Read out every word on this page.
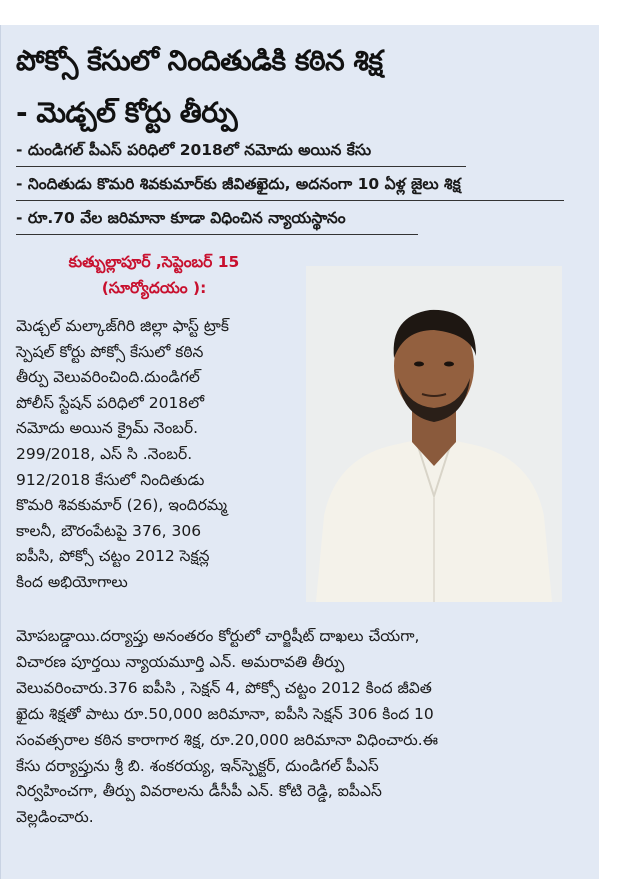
పోక్సో కేసులో నిందితుడికి కఠిన శిక్ష
- మెడ్చల్ కోర్టు తీర్పు
- దుండిగల్ పీఎస్ పరిధిలో 2018లో నమోదు అయిన కేసు
- నిందితుడు కొమరి శివకుమార్‌కు జీవితఖైదు, అదనంగా 10 ఏళ్ల జైలు శిక్ష
- రూ.70 వేల జరిమానా కూడా విధించిన న్యాయస్థానం
కుత్బుల్లాపూర్ ,సెప్టెంబర్ 15
(సూర్యోదయం ):
మెడ్చల్ మల్కాజ్‌గిరి జిల్లా ఫాస్ట్ ట్రాక్
స్పెషల్ కోర్టు పోక్సో కేసులో కఠిన
తీర్పు వెలువరించింది.దుండిగల్
పోలీస్ స్టేషన్ పరిధిలో 2018లో
నమోదు అయిన క్రైమ్ నెంబర్.
299/2018, ఎస్ సి .నెంబర్.
912/2018 కేసులో నిందితుడు
కొమరి శివకుమార్ (26), ఇందిరమ్మ
కాలనీ, బౌరంపేటపై 376, 306
ఐపీసి, పోక్సో చట్టం 2012 సెక్షన్ల
కింద అభియోగాలు
మోపబడ్డాయి.దర్యాప్తు అనంతరం కోర్టులో చార్జిషీట్ దాఖలు చేయగా,
విచారణ పూర్తయి న్యాయమూర్తి ఎన్. అమరావతి తీర్పు
వెలువరించారు.376 ఐపీసి , సెక్షన్ 4, పోక్సో చట్టం 2012 కింద జీవిత
ఖైదు శిక్షతో పాటు రూ.50,000 జరిమానా, ఐపీసి సెక్షన్ 306 కింద 10
సంవత్సరాల కఠిన కారాగార శిక్ష, రూ.20,000 జరిమానా విధించారు.ఈ
కేసు దర్యాప్తును శ్రీ బి. శంకరయ్య, ఇన్‌స్పెక్టర్, దుండిగల్ పీఎస్
నిర్వహించగా, తీర్పు వివరాలను డీసీపీ ఎన్. కోటి రెడ్డి, ఐపీఎస్
వెల్లడించారు.
